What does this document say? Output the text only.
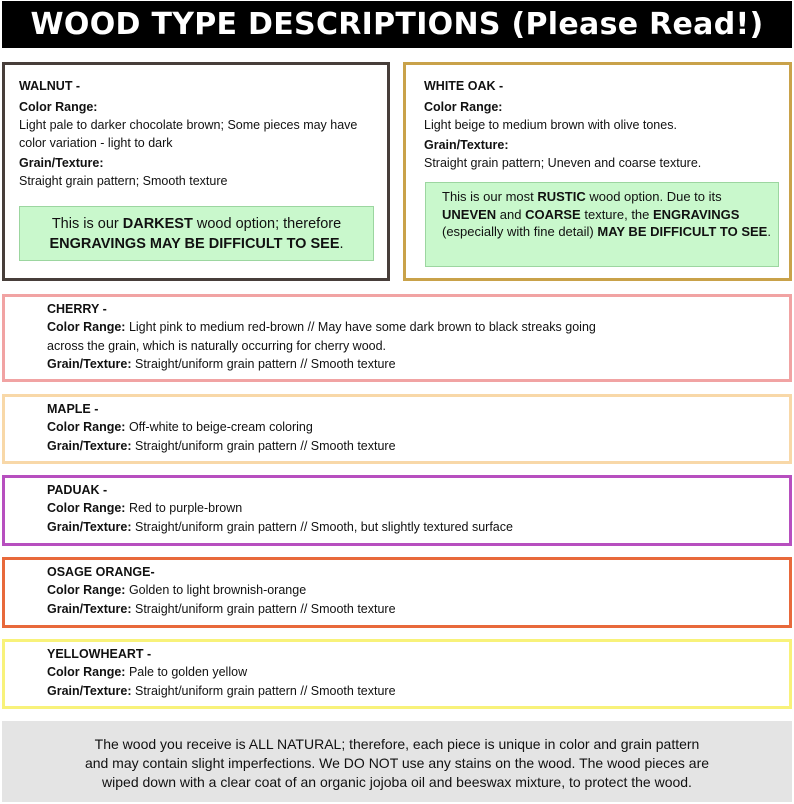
WOOD TYPE DESCRIPTIONS (Please Read!)
WALNUT -
Color Range:
Light pale to darker chocolate brown; Some pieces may have color variation - light to dark
Grain/Texture:
Straight grain pattern; Smooth texture
This is our DARKEST wood option; therefore
ENGRAVINGS MAY BE DIFFICULT TO SEE.
WHITE OAK -
Color Range:
Light beige to medium brown with olive tones.
Grain/Texture:
Straight grain pattern; Uneven and coarse texture.
This is our most RUSTIC wood option. Due to its UNEVEN and COARSE texture, the ENGRAVINGS (especially with fine detail) MAY BE DIFFICULT TO SEE.
CHERRY -
Color Range: Light pink to medium red-brown // May have some dark brown to black streaks going
across the grain, which is naturally occurring for cherry wood.
Grain/Texture: Straight/uniform grain pattern // Smooth texture
MAPLE -
Color Range: Off-white to beige-cream coloring
Grain/Texture: Straight/uniform grain pattern // Smooth texture
PADUAK -
Color Range: Red to purple-brown
Grain/Texture: Straight/uniform grain pattern // Smooth, but slightly textured surface
OSAGE ORANGE-
Color Range: Golden to light brownish-orange
Grain/Texture: Straight/uniform grain pattern // Smooth texture
YELLOWHEART -
Color Range: Pale to golden yellow
Grain/Texture: Straight/uniform grain pattern // Smooth texture
The wood you receive is ALL NATURAL; therefore, each piece is unique in color and grain pattern
and may contain slight imperfections. We DO NOT use any stains on the wood. The wood pieces are
wiped down with a clear coat of an organic jojoba oil and beeswax mixture, to protect the wood.
